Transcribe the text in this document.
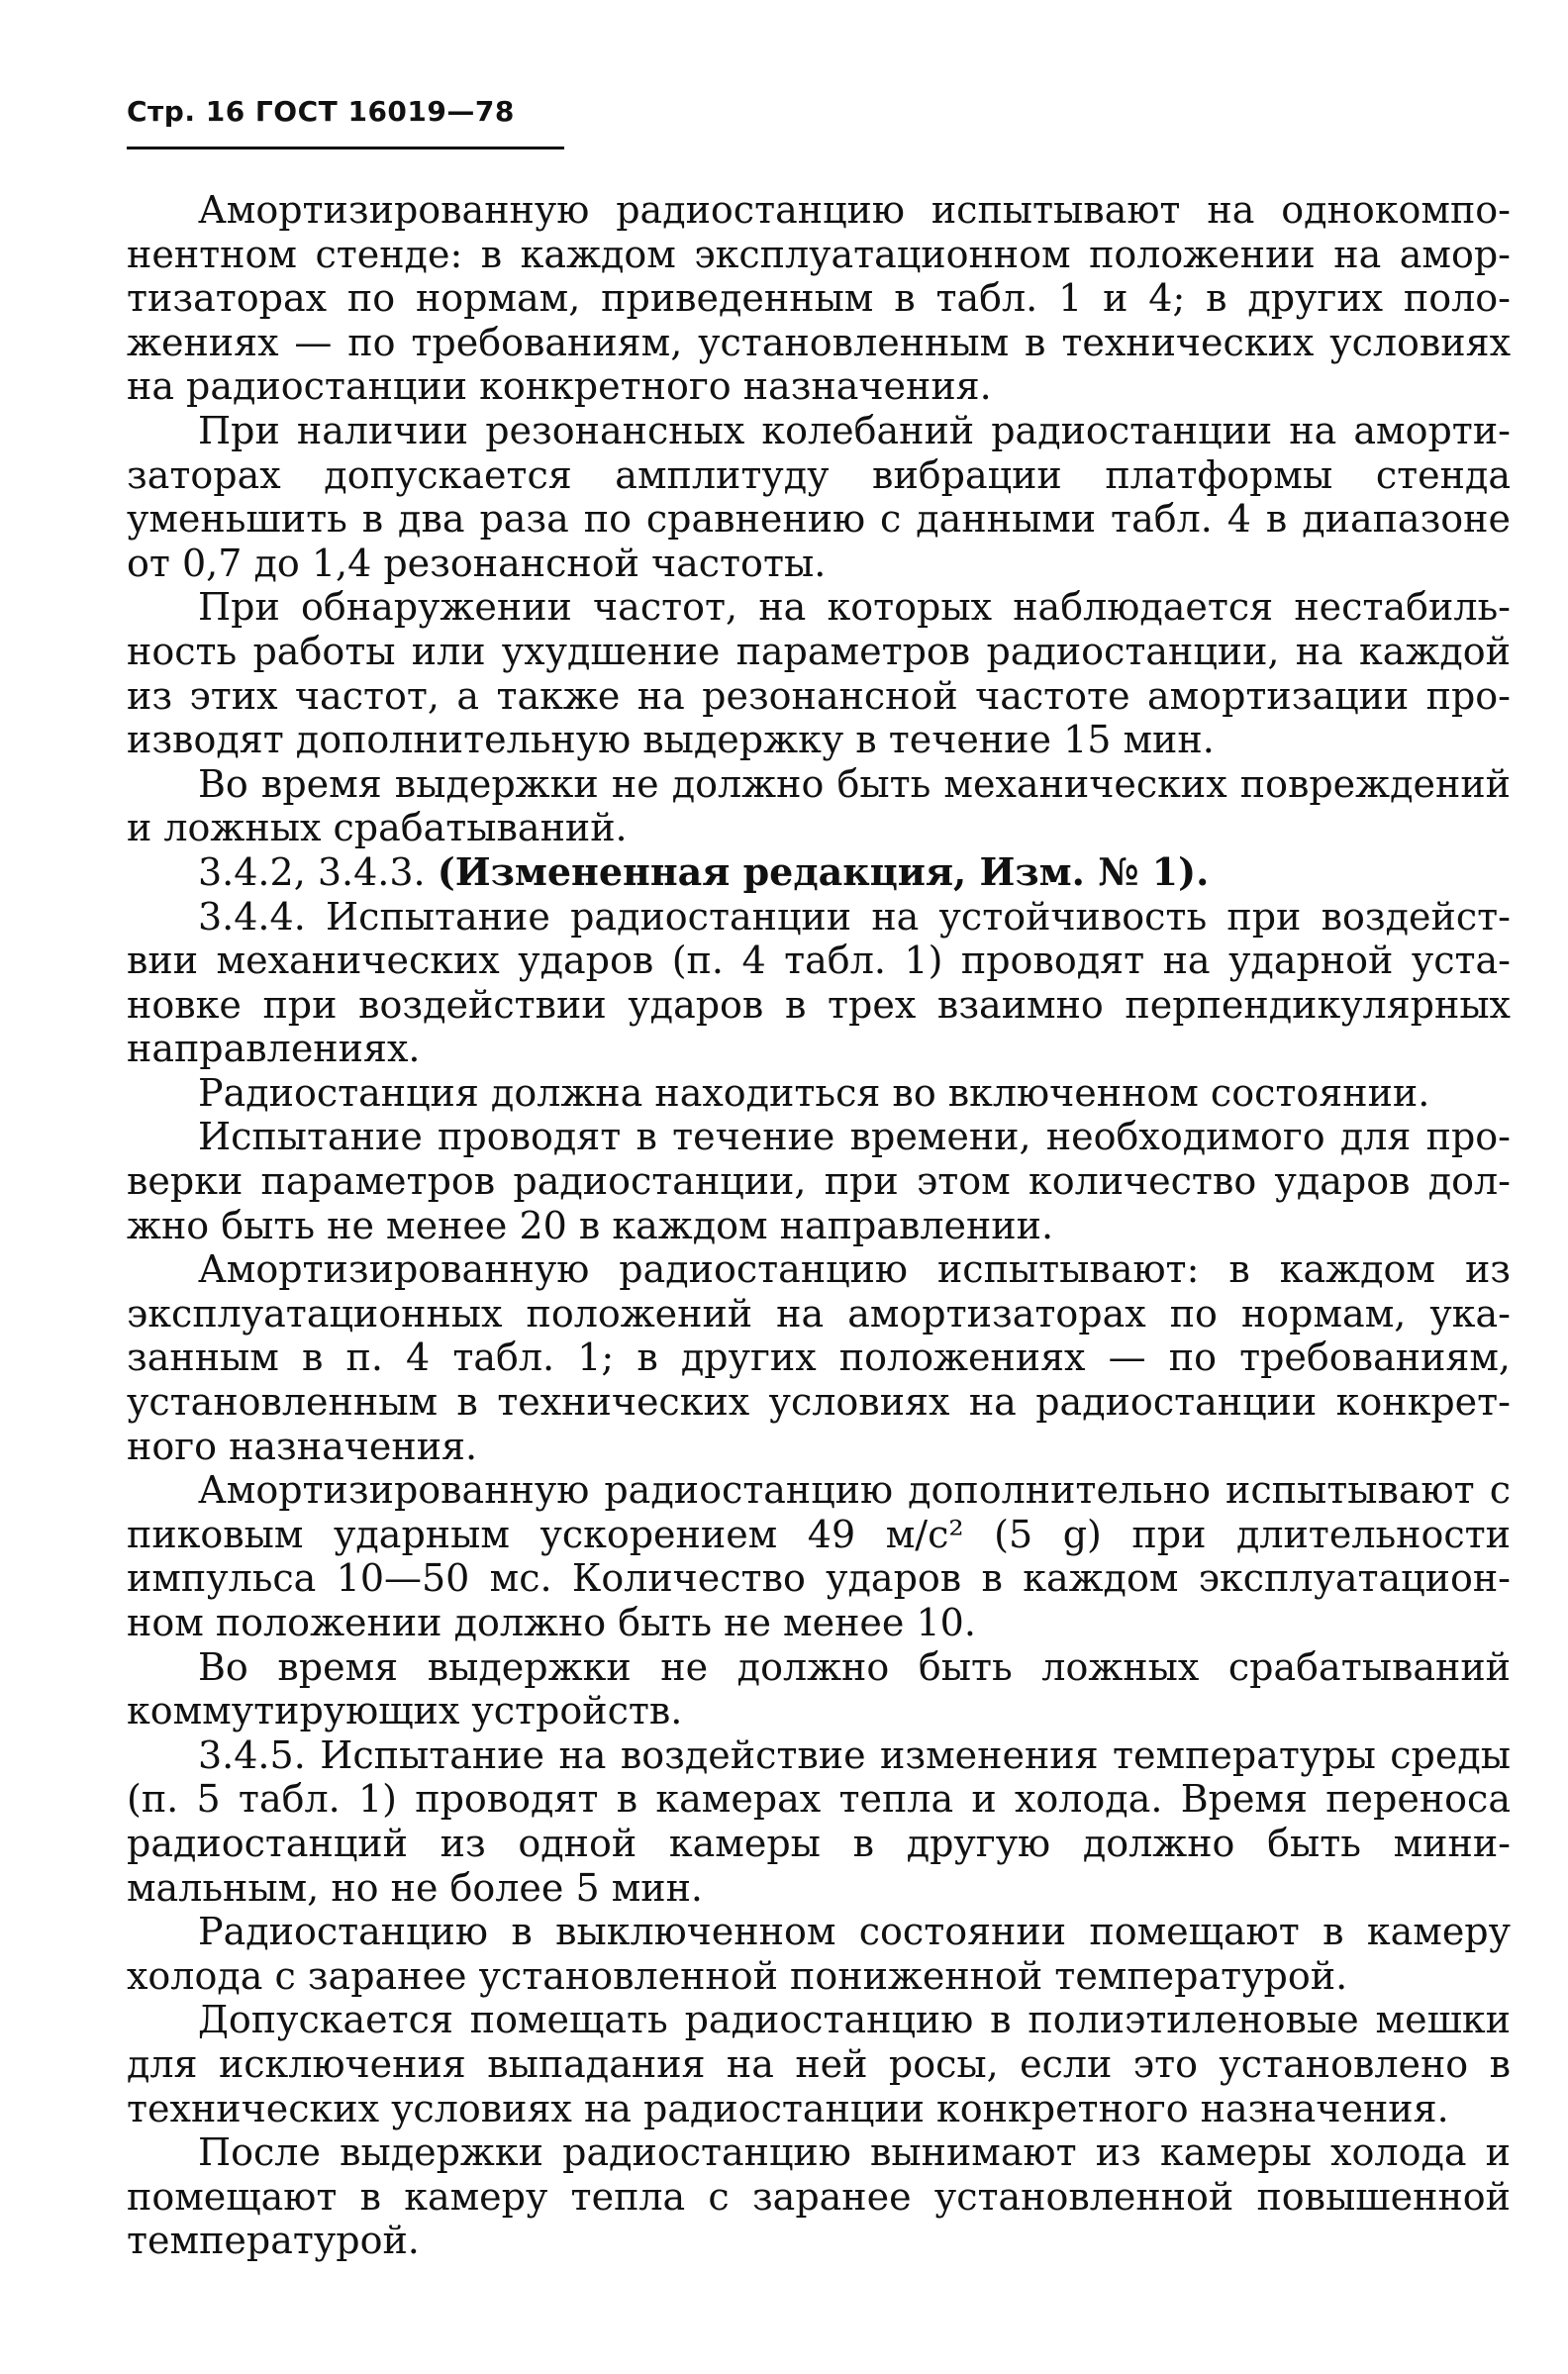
Стр. 16 ГОСТ 16019—78

Амортизированную радиостанцию испытывают на однокомпонентном стенде: в каждом эксплуатационном положении на амортизаторах по нормам, приведенным в табл. 1 и 4; в других положениях — по требованиям, установленным в технических условиях на радиостанции конкретного назначения.

При наличии резонансных колебаний радиостанции на амортизаторах допускается амплитуду вибрации платформы стенда уменьшить в два раза по сравнению с данными табл. 4 в диапазоне от 0,7 до 1,4 резонансной частоты.

При обнаружении частот, на которых наблюдается нестабильность работы или ухудшение параметров радиостанции, на каждой из этих частот, а также на резонансной частоте амортизации производят дополнительную выдержку в течение 15 мин.

Во время выдержки не должно быть механических повреждений и ложных срабатываний.

3.4.2, 3.4.3. (Измененная редакция, Изм. № 1).

3.4.4. Испытание радиостанции на устойчивость при воздействии механических ударов (п. 4 табл. 1) проводят на ударной установке при воздействии ударов в трех взаимно перпендикулярных направлениях.

Радиостанция должна находиться во включенном состоянии.

Испытание проводят в течение времени, необходимого для проверки параметров радиостанции, при этом количество ударов должно быть не менее 20 в каждом направлении.

Амортизированную радиостанцию испытывают: в каждом из эксплуатационных положений на амортизаторах по нормам, указанным в п. 4 табл. 1; в других положениях — по требованиям, установленным в технических условиях на радиостанции конкретного назначения.

Амортизированную радиостанцию дополнительно испытывают с пиковым ударным ускорением 49 м/с² (5 g) при длительности импульса 10—50 мс. Количество ударов в каждом эксплуатационном положении должно быть не менее 10.

Во время выдержки не должно быть ложных срабатываний коммутирующих устройств.

3.4.5. Испытание на воздействие изменения температуры среды (п. 5 табл. 1) проводят в камерах тепла и холода. Время переноса радиостанций из одной камеры в другую должно быть минимальным, но не более 5 мин.

Радиостанцию в выключенном состоянии помещают в камеру холода с заранее установленной пониженной температурой.

Допускается помещать радиостанцию в полиэтиленовые мешки для исключения выпадания на ней росы, если это установлено в технических условиях на радиостанции конкретного назначения.

После выдержки радиостанцию вынимают из камеры холода и помещают в камеру тепла с заранее установленной повышенной температурой.
